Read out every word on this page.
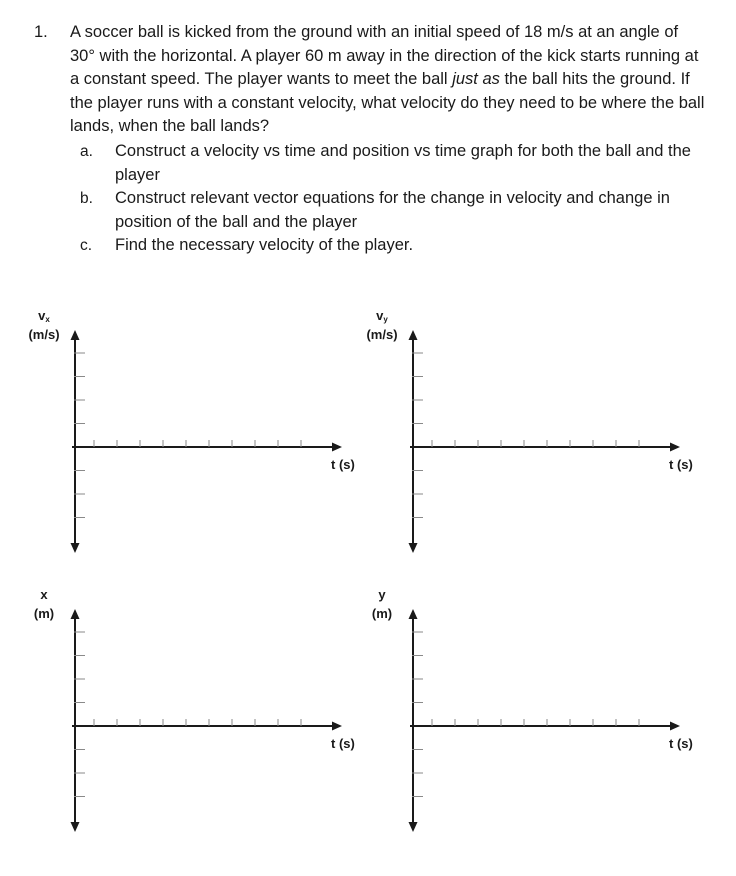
1. A soccer ball is kicked from the ground with an initial speed of 18 m/s at an angle of 30° with the horizontal. A player 60 m away in the direction of the kick starts running at a constant speed. The player wants to meet the ball just as the ball hits the ground. If the player runs with a constant velocity, what velocity do they need to be where the ball lands, when the ball lands?

a. Construct a velocity vs time and position vs time graph for both the ball and the player
b. Construct relevant vector equations for the change in velocity and change in position of the ball and the player
c. Find the necessary velocity of the player.
$v_x$
(m/s)
t (s)
$v_y$
(m/s)
t (s)
x
(m)
t (s)
y
(m)
t (s)
